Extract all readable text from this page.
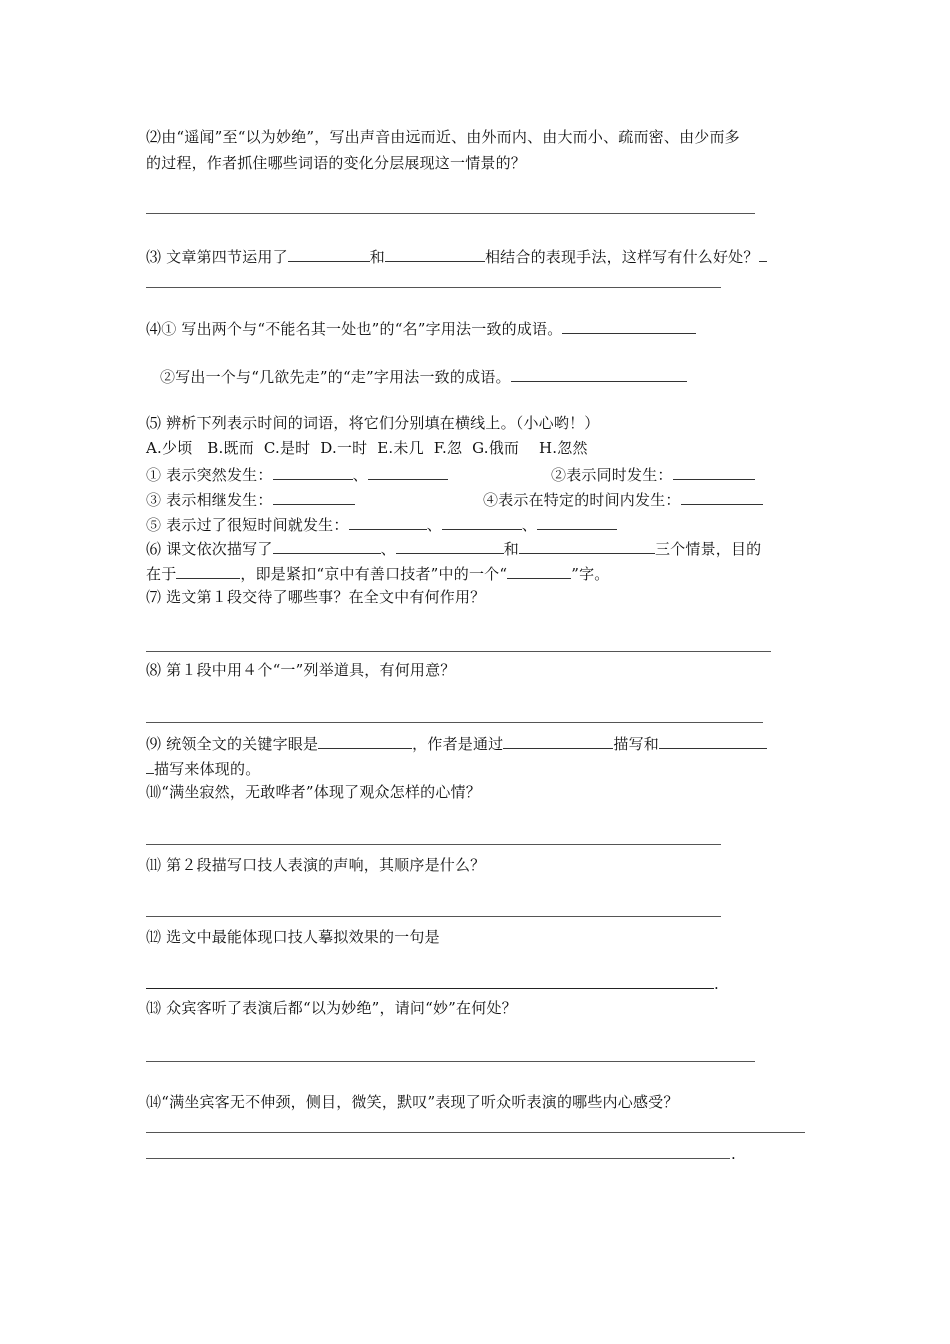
⑵由“遥闻”至“以为妙绝”，写出声音由远而近、由外而内、由大而小、疏而密、由少而多
的过程，作者抓住哪些词语的变化分层展现这一情景的？
⑶ 文章第四节运用了	和	相结合的表现手法，这样写有什么好处？
⑷① 写出两个与“不能名其一处也”的“名”字用法一致的成语。
②写出一个与“几欲先走”的“走”字用法一致的成语。
⑸ 辨析下列表示时间的词语，将它们分别填在横线上。（小心哟！）
A.少顷   B.既而  C.是时  D.一时  E.未几  F.忽  G.俄而    H.忽然
① 表示突然发生：	、	②表示同时发生：
③ 表示相继发生：	④表示在特定的时间内发生：
⑤ 表示过了很短时间就发生：	、	、
⑹ 课文依次描写了	、	和	三个情景，目的
在于	，即是紧扣“京中有善口技者”中的一个“	”字。
⑺ 选文第１段交待了哪些事？在全文中有何作用？
⑻ 第１段中用４个“一”列举道具，有何用意？
⑼ 统领全文的关键字眼是	，作者是通过	描写和
描写来体现的。
⑽“满坐寂然，无敢哗者”体现了观众怎样的心情？
⑾ 第２段描写口技人表演的声响，其顺序是什么？
⑿ 选文中最能体现口技人摹拟效果的一句是
.
⒀ 众宾客听了表演后都“以为妙绝”，请问“妙”在何处？
⒁“满坐宾客无不伸颈，侧目，微笑，默叹”表现了听众听表演的哪些内心感受？
.
